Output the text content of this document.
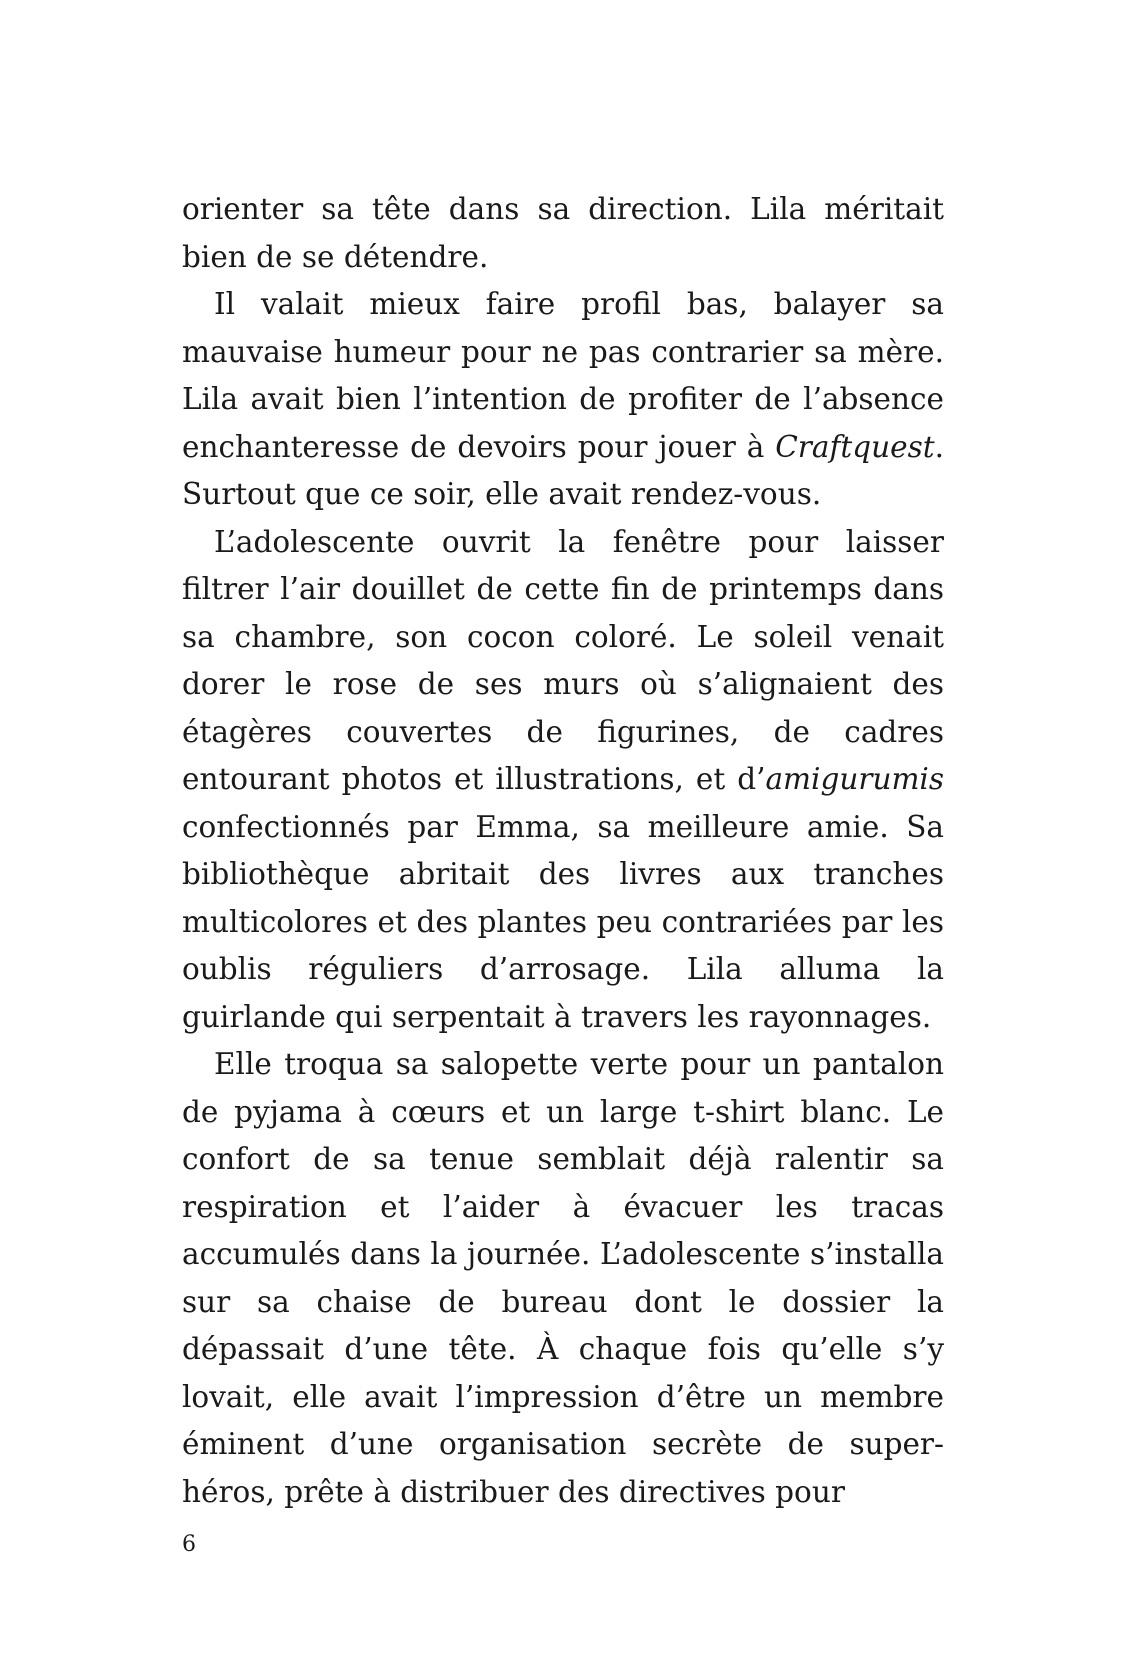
orienter sa tête dans sa direction. Lila méritait bien de se détendre.

Il valait mieux faire profil bas, balayer sa mauvaise humeur pour ne pas contrarier sa mère. Lila avait bien l’intention de profiter de l’absence enchanteresse de devoirs pour jouer à Craftquest. Surtout que ce soir, elle avait rendez-vous.

L’adolescente ouvrit la fenêtre pour laisser filtrer l’air douillet de cette fin de printemps dans sa chambre, son cocon coloré. Le soleil venait dorer le rose de ses murs où s’alignaient des étagères couvertes de figurines, de cadres entourant photos et illustrations, et d’amigurumis confectionnés par Emma, sa meilleure amie. Sa bibliothèque abritait des livres aux tranches multicolores et des plantes peu contrariées par les oublis réguliers d’arrosage. Lila alluma la guirlande qui serpentait à travers les rayonnages.

Elle troqua sa salopette verte pour un pantalon de pyjama à cœurs et un large t-shirt blanc. Le confort de sa tenue semblait déjà ralentir sa respiration et l’aider à évacuer les tracas accumulés dans la journée. L’adolescente s’installa sur sa chaise de bureau dont le dossier la dépassait d’une tête. À chaque fois qu’elle s’y lovait, elle avait l’impression d’être un membre éminent d’une organisation secrète de super-héros, prête à distribuer des directives pour

6
